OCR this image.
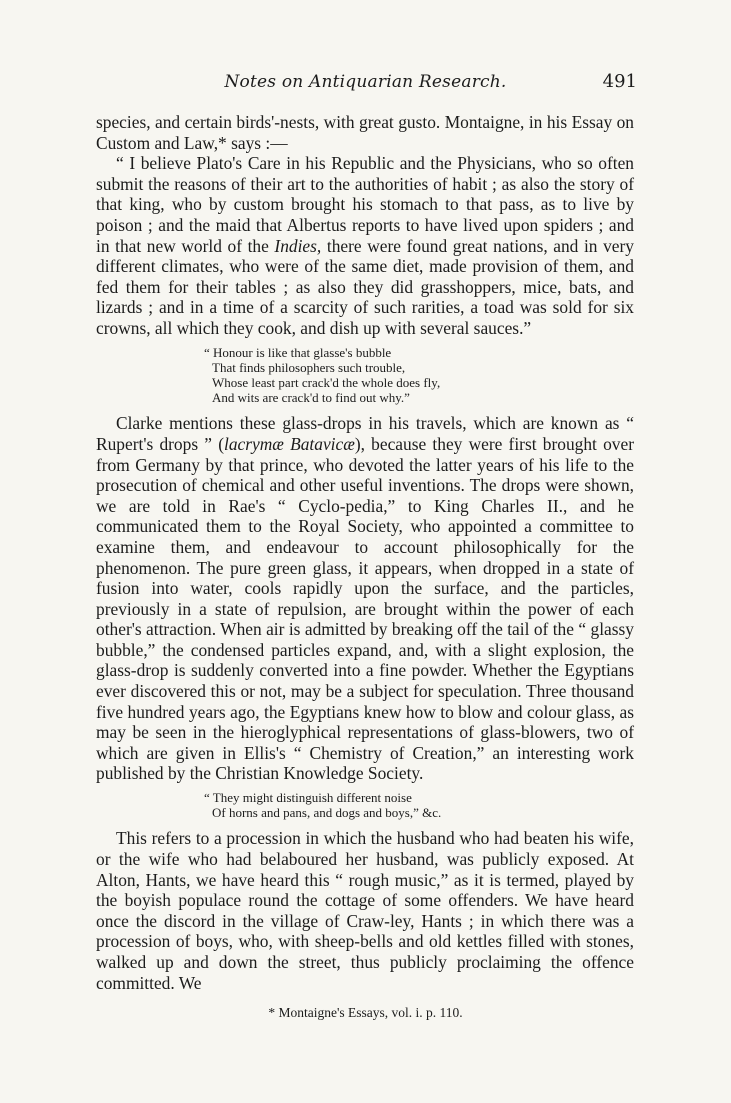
Notes on Antiquarian Research.	491

species, and certain birds'-nests, with great gusto. Montaigne, in his Essay on Custom and Law,* says :—

“ I believe Plato's Care in his Republic and the Physicians, who so often submit the reasons of their art to the authorities of habit ; as also the story of that king, who by custom brought his stomach to that pass, as to live by poison ; and the maid that Albertus reports to have lived upon spiders ; and in that new world of the Indies, there were found great nations, and in very different climates, who were of the same diet, made provision of them, and fed them for their tables ; as also they did grasshoppers, mice, bats, and lizards ; and in a time of a scarcity of such rarities, a toad was sold for six crowns, all which they cook, and dish up with several sauces.”

“ Honour is like that glasse's bubble
That finds philosophers such trouble,
Whose least part crack'd the whole does fly,
And wits are crack'd to find out why.”

Clarke mentions these glass-drops in his travels, which are known as “ Rupert's drops ” (lacrymæ Batavicæ), because they were first brought over from Germany by that prince, who devoted the latter years of his life to the prosecution of chemical and other useful inventions. The drops were shown, we are told in Rae's “ Cyclo-pedia,” to King Charles II., and he communicated them to the Royal Society, who appointed a committee to examine them, and endeavour to account philosophically for the phenomenon. The pure green glass, it appears, when dropped in a state of fusion into water, cools rapidly upon the surface, and the particles, previously in a state of repulsion, are brought within the power of each other's attraction. When air is admitted by breaking off the tail of the “ glassy bubble,” the condensed particles expand, and, with a slight explosion, the glass-drop is suddenly converted into a fine powder. Whether the Egyptians ever discovered this or not, may be a subject for speculation. Three thousand five hundred years ago, the Egyptians knew how to blow and colour glass, as may be seen in the hieroglyphical representations of glass-blowers, two of which are given in Ellis's “ Chemistry of Creation,” an interesting work published by the Christian Knowledge Society.

“ They might distinguish different noise
Of horns and pans, and dogs and boys,” &c.

This refers to a procession in which the husband who had beaten his wife, or the wife who had belaboured her husband, was publicly exposed. At Alton, Hants, we have heard this “ rough music,” as it is termed, played by the boyish populace round the cottage of some offenders. We have heard once the discord in the village of Craw-ley, Hants ; in which there was a procession of boys, who, with sheep-bells and old kettles filled with stones, walked up and down the street, thus publicly proclaiming the offence committed. We

* Montaigne's Essays, vol. i. p. 110.
